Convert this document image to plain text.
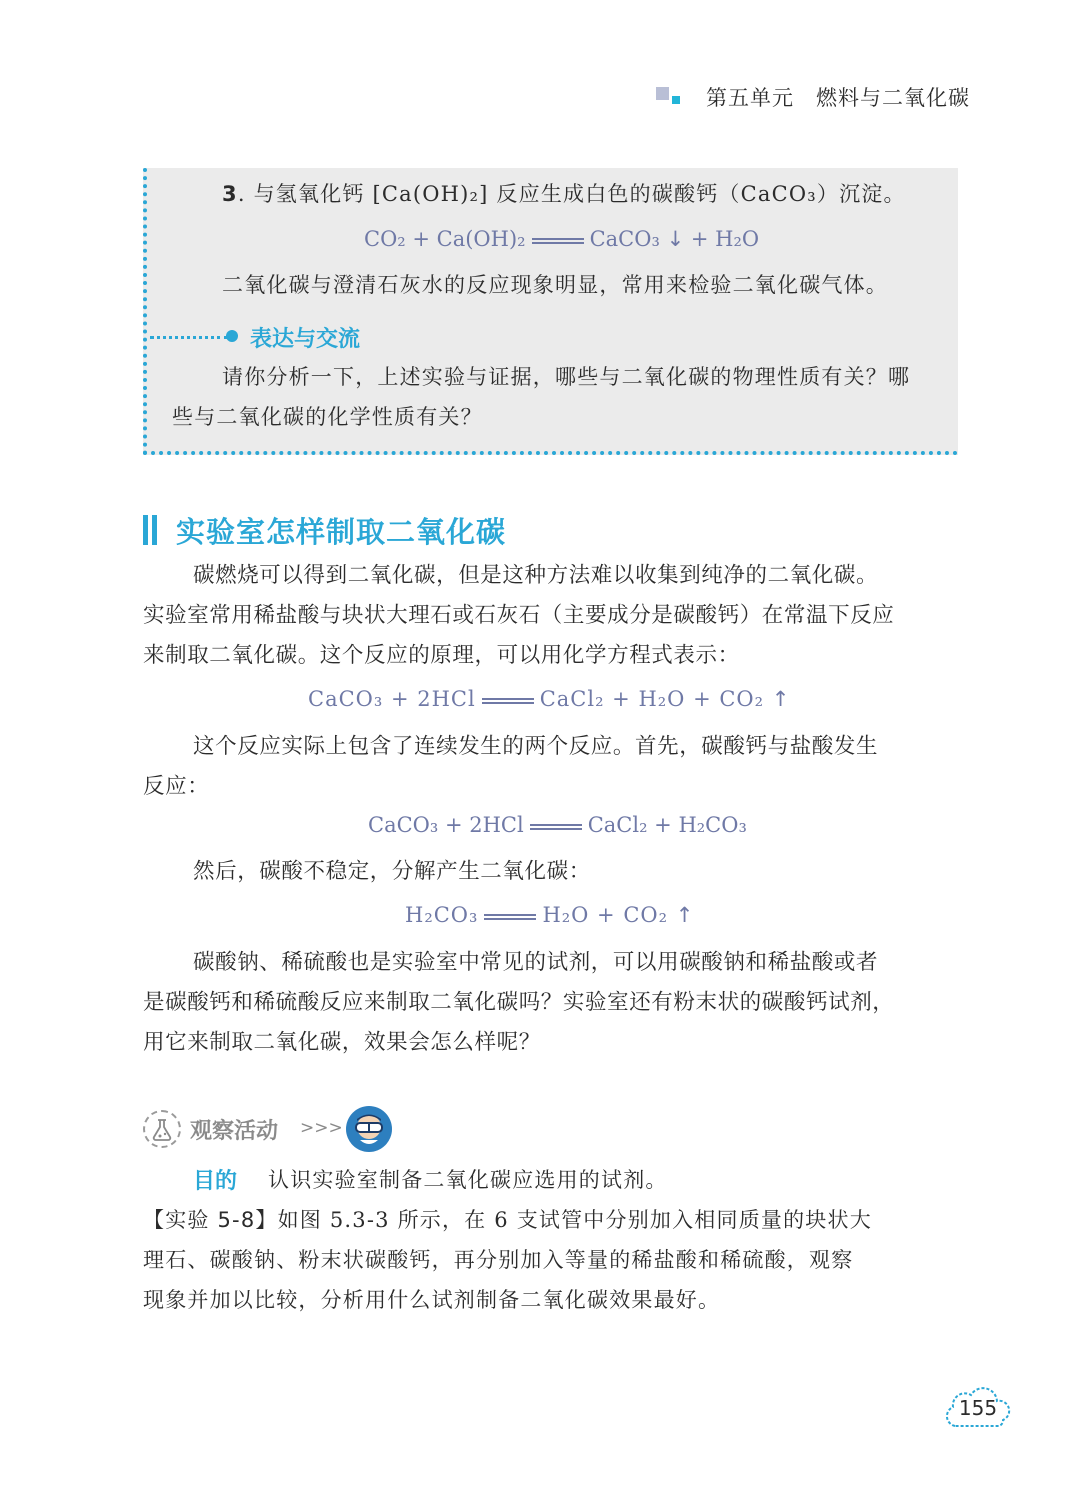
第五单元　燃料与二氧化碳
3. 与氢氧化钙 [Ca(OH)₂] 反应生成白色的碳酸钙（CaCO₃）沉淀。
CO₂ + Ca(OH)₂	CaCO₃ ↓ + H₂O
二氧化碳与澄清石灰水的反应现象明显，常用来检验二氧化碳气体。
表达与交流
请你分析一下，上述实验与证据，哪些与二氧化碳的物理性质有关？哪
些与二氧化碳的化学性质有关？
实验室怎样制取二氧化碳
碳燃烧可以得到二氧化碳，但是这种方法难以收集到纯净的二氧化碳。
实验室常用稀盐酸与块状大理石或石灰石（主要成分是碳酸钙）在常温下反应
来制取二氧化碳。这个反应的原理，可以用化学方程式表示：
CaCO₃ + 2HCl	CaCl₂ + H₂O + CO₂ ↑
这个反应实际上包含了连续发生的两个反应。首先，碳酸钙与盐酸发生
反应：
CaCO₃ + 2HCl	CaCl₂ + H₂CO₃
然后，碳酸不稳定，分解产生二氧化碳：
H₂CO₃	H₂O + CO₂ ↑
碳酸钠、稀硫酸也是实验室中常见的试剂，可以用碳酸钠和稀盐酸或者
是碳酸钙和稀硫酸反应来制取二氧化碳吗？实验室还有粉末状的碳酸钙试剂，
用它来制取二氧化碳，效果会怎么样呢？
观察活动 >>>
目的 认识实验室制备二氧化碳应选用的试剂。
【实验 5-8】如图 5.3-3 所示，在 6 支试管中分别加入相同质量的块状大
理石、碳酸钠、粉末状碳酸钙，再分别加入等量的稀盐酸和稀硫酸，观察
现象并加以比较，分析用什么试剂制备二氧化碳效果最好。
155
